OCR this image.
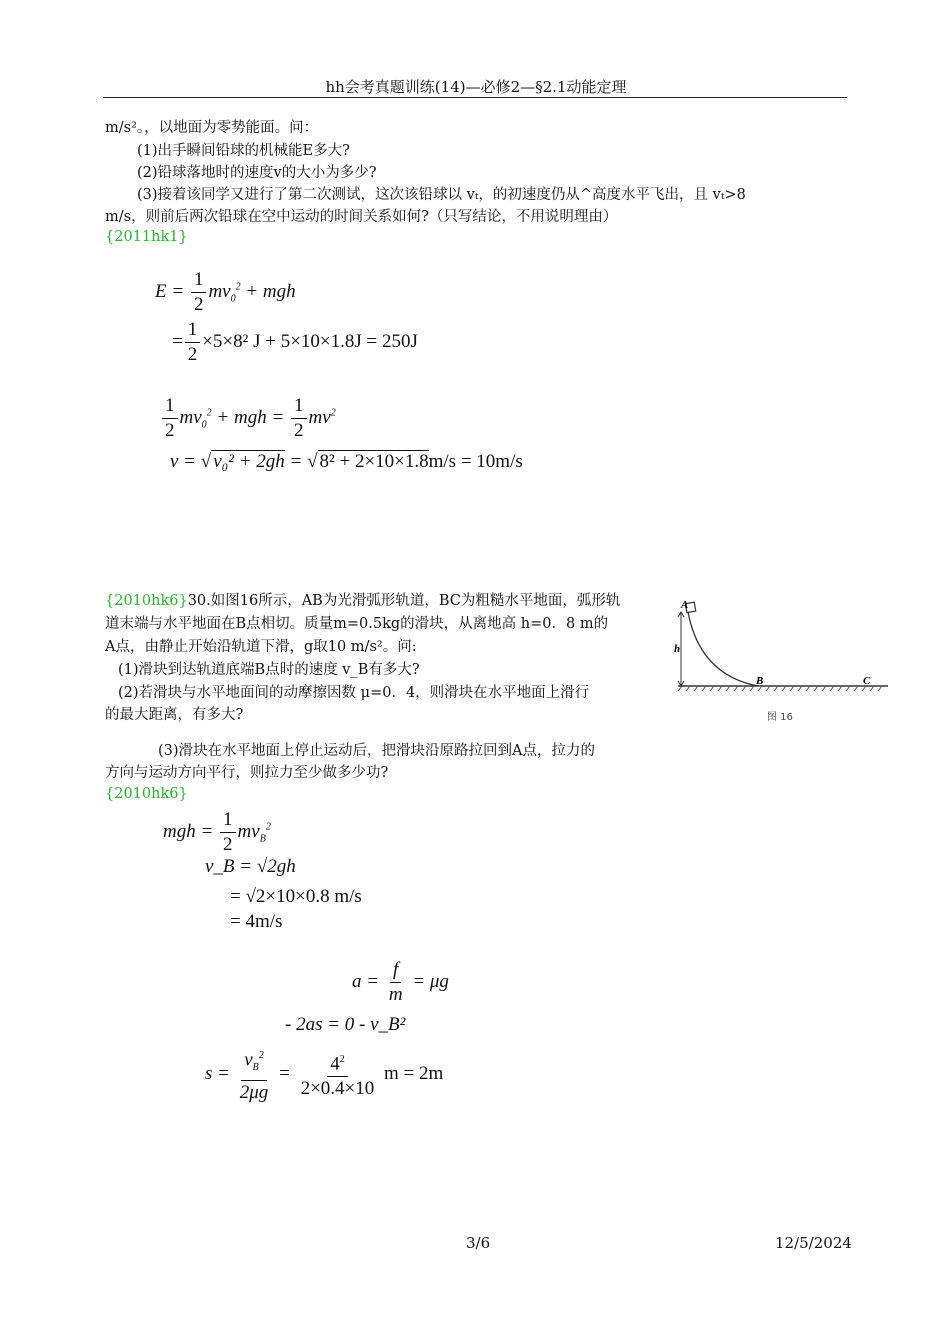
hh会考真题训练(14)—必修2—§2.1动能定理
m/s²。，以地面为零势能面。问：
(1)出手瞬间铅球的机械能E多大?
(2)铅球落地时的速度v的大小为多少?
(3)接着该同学又进行了第二次测试，这次该铅球以 vₜ，的初速度仍从^高度水平飞出，且 vₜ>8
m/s，则前后两次铅球在空中运动的时间关系如何?（只写结论，不用说明理由）
{2011hk1}
$E = \frac{1}{2} mv_0^2$ + mgh
= $\frac{1}{2} \times 5\times 8^2$ J + 5×10×1.8J = 250J
$\frac{1}{2} mv_0^2$ + mgh = $\frac{1}{2} mv^2$
v = √ v₀² + 2gh = √ 8² + 2×10×1.8m/s = 10m/s
{2010hk6}30.如图16所示，AB为光滑弧形轨道，BC为粗糙水平地面，弧形轨
道末端与水平地面在B点相切。质量m=0.5kg的滑块，从离地高 h=0．8 m的
A点，由静止开始沿轨道下滑，g取10 m/s²。问:
(1)滑块到达轨道底端B点时的速度 v_B有多大?
(2)若滑块与水平地面间的动摩擦因数 μ=0．4，则滑块在水平地面上滑行
的最大距离，有多大?
(3)滑块在水平地面上停止运动后，把滑块沿原路拉回到A点，拉力的
方向与运动方向平行，则拉力至少做多少功?
{2010hk6}
A
h
B	C
图 16
mgh = $\frac{1}{2} mv_B^2$
v_B = √2gh
= √2×10×0.8 m/s
= 4m/s
$a = \frac{f}{m} = \mu g$
- 2as = 0 - v_B²
$s = \frac{v_B^2}{2\mu g} = \frac{4^2}{2\times 0.4\times 10}$ m = 2m
3/6	12/5/2024
